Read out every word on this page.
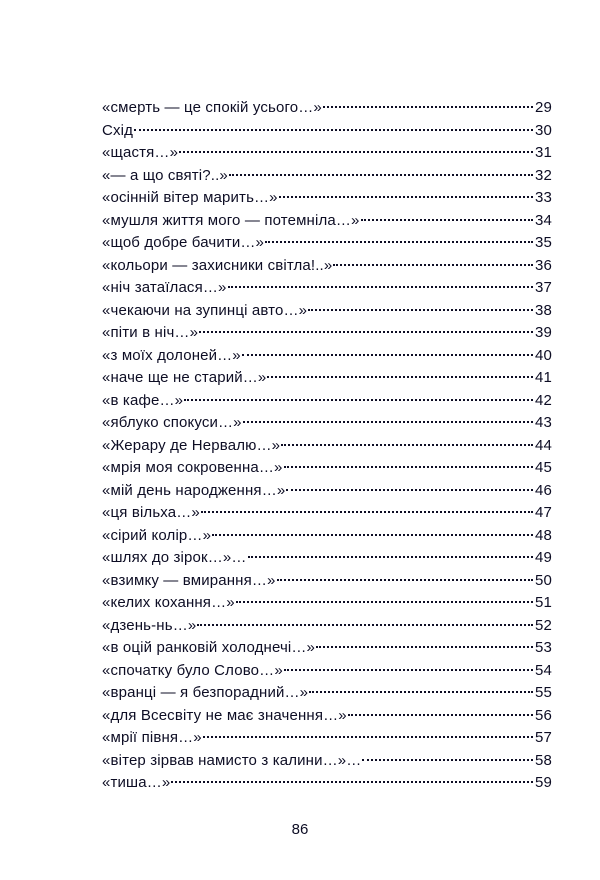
«смерть — це спокій усього…»	29
Схід	30
«щастя…»	31
«— а що святі?..»	32
«осінній вітер марить…»	33
«мушля життя мого — потемніла…»	34
«щоб добре бачити…»	35
«кольори — захисники світла!..»	36
«ніч затаїлася…»	37
«чекаючи на зупинці авто…»	38
«піти в ніч…»	39
«з моїх долоней…»	40
«наче ще не старий…»	41
«в кафе…»	42
«яблуко спокуси…»	43
«Жерару де Нервалю…»	44
«мрія моя сокровенна…»	45
«мій день народження…»	46
«ця вільха…»	47
«сірий колір…»	48
«шлях до зірок…»…	49
«взимку — вмирання…»	50
«келих кохання…»	51
«дзень-нь…»	52
«в оцій ранковій холоднечі…»	53
«спочатку було Слово…»	54
«вранці — я безпорадний…»	55
«для Всесвіту не має значення…»	56
«мрії півня…»	57
«вітер зірвав намисто з калини…»…	58
«тиша…»	59
86
